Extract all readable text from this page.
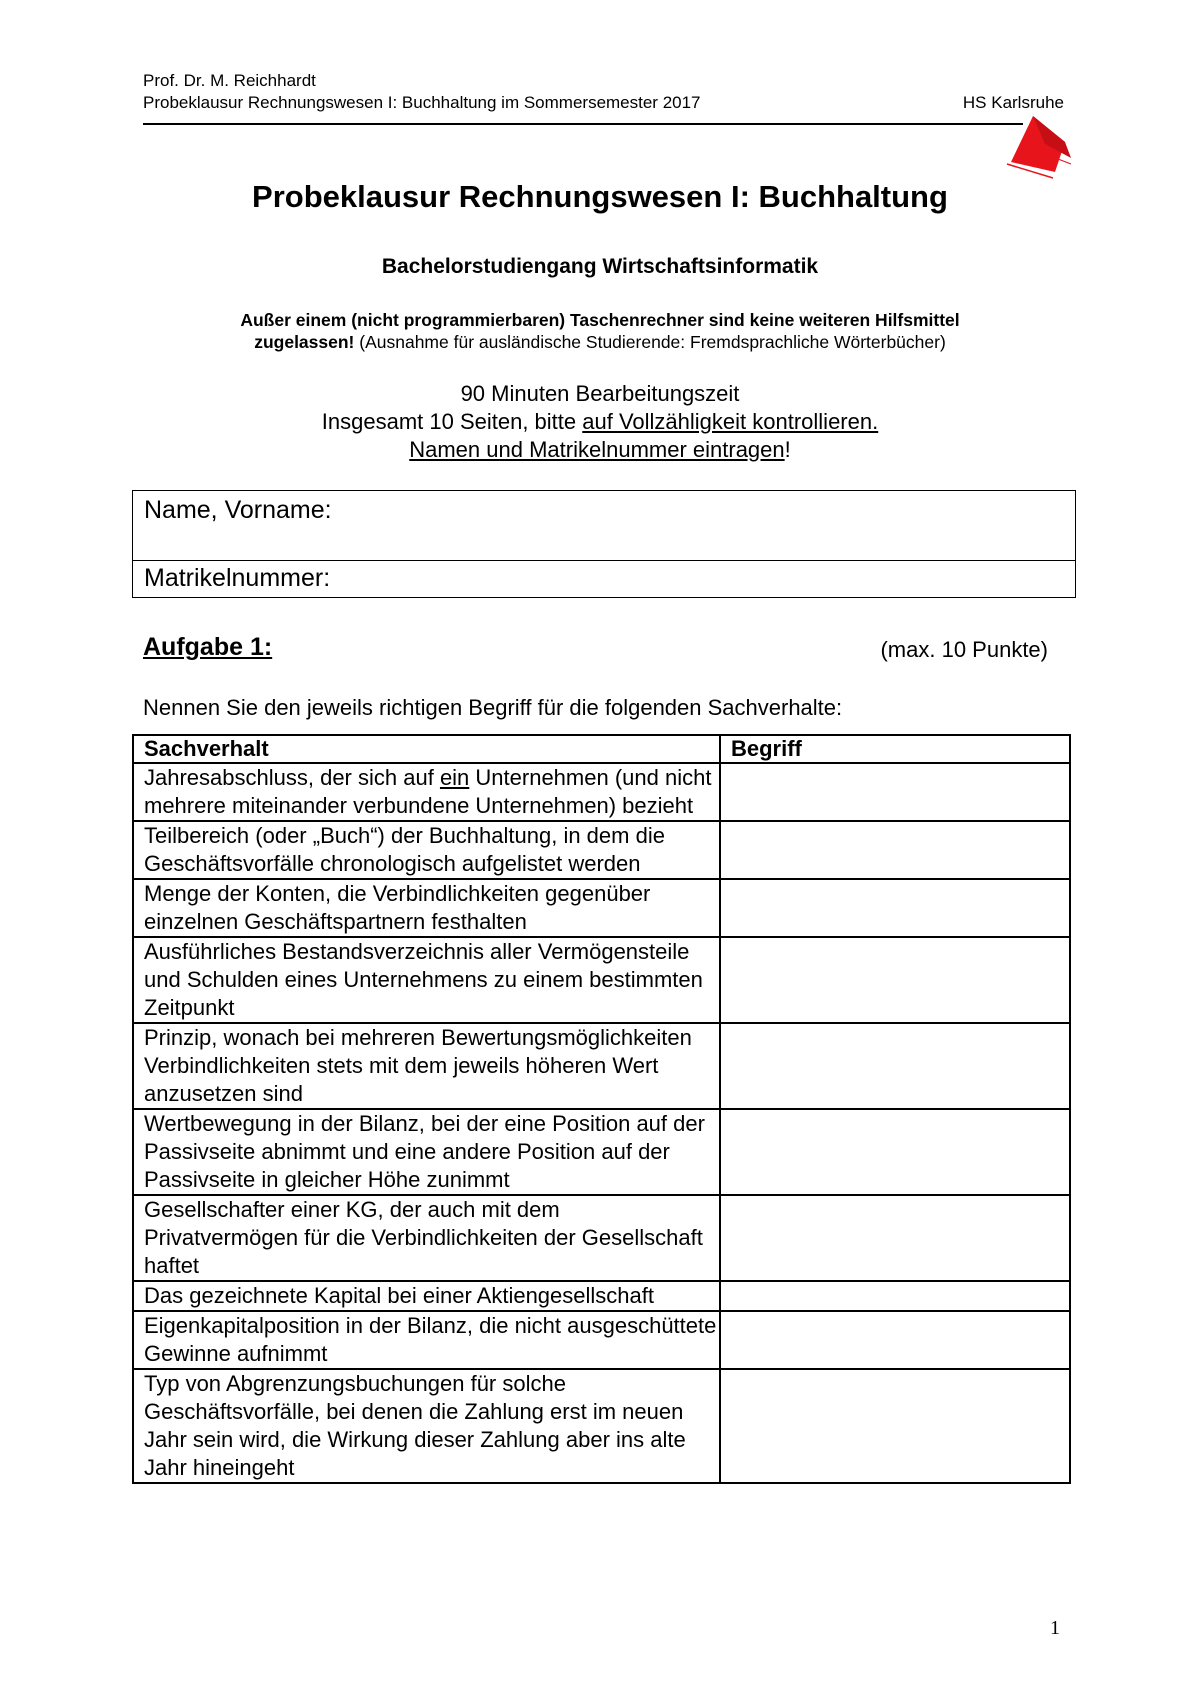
Prof. Dr. M. Reichhardt
Probeklausur Rechnungswesen I: Buchhaltung im Sommersemester 2017	HS Karlsruhe
Probeklausur Rechnungswesen I: Buchhaltung
Bachelorstudiengang Wirtschaftsinformatik
Außer einem (nicht programmierbaren) Taschenrechner sind keine weiteren Hilfsmittel
zugelassen! (Ausnahme für ausländische Studierende: Fremdsprachliche Wörterbücher)
90 Minuten Bearbeitungszeit
Insgesamt 10 Seiten, bitte auf Vollzähligkeit kontrollieren.
Namen und Matrikelnummer eintragen!
Name, Vorname:
Matrikelnummer:
Aufgabe 1:	(max. 10 Punkte)
Nennen Sie den jeweils richtigen Begriff für die folgenden Sachverhalte:
Sachverhalt	Begriff
Jahresabschluss, der sich auf ein Unternehmen (und nicht mehrere miteinander verbundene Unternehmen) bezieht	
Teilbereich (oder „Buch“) der Buchhaltung, in dem die Geschäftsvorfälle chronologisch aufgelistet werden	
Menge der Konten, die Verbindlichkeiten gegenüber einzelnen Geschäftspartnern festhalten	
Ausführliches Bestandsverzeichnis aller Vermögensteile und Schulden eines Unternehmens zu einem bestimmten Zeitpunkt	
Prinzip, wonach bei mehreren Bewertungsmöglichkeiten Verbindlichkeiten stets mit dem jeweils höheren Wert anzusetzen sind	
Wertbewegung in der Bilanz, bei der eine Position auf der Passivseite abnimmt und eine andere Position auf der Passivseite in gleicher Höhe zunimmt	
Gesellschafter einer KG, der auch mit dem Privatvermögen für die Verbindlichkeiten der Gesellschaft haftet	
Das gezeichnete Kapital bei einer Aktiengesellschaft	
Eigenkapitalposition in der Bilanz, die nicht ausgeschüttete Gewinne aufnimmt	
Typ von Abgrenzungsbuchungen für solche Geschäftsvorfälle, bei denen die Zahlung erst im neuen Jahr sein wird, die Wirkung dieser Zahlung aber ins alte Jahr hineingeht	
1
